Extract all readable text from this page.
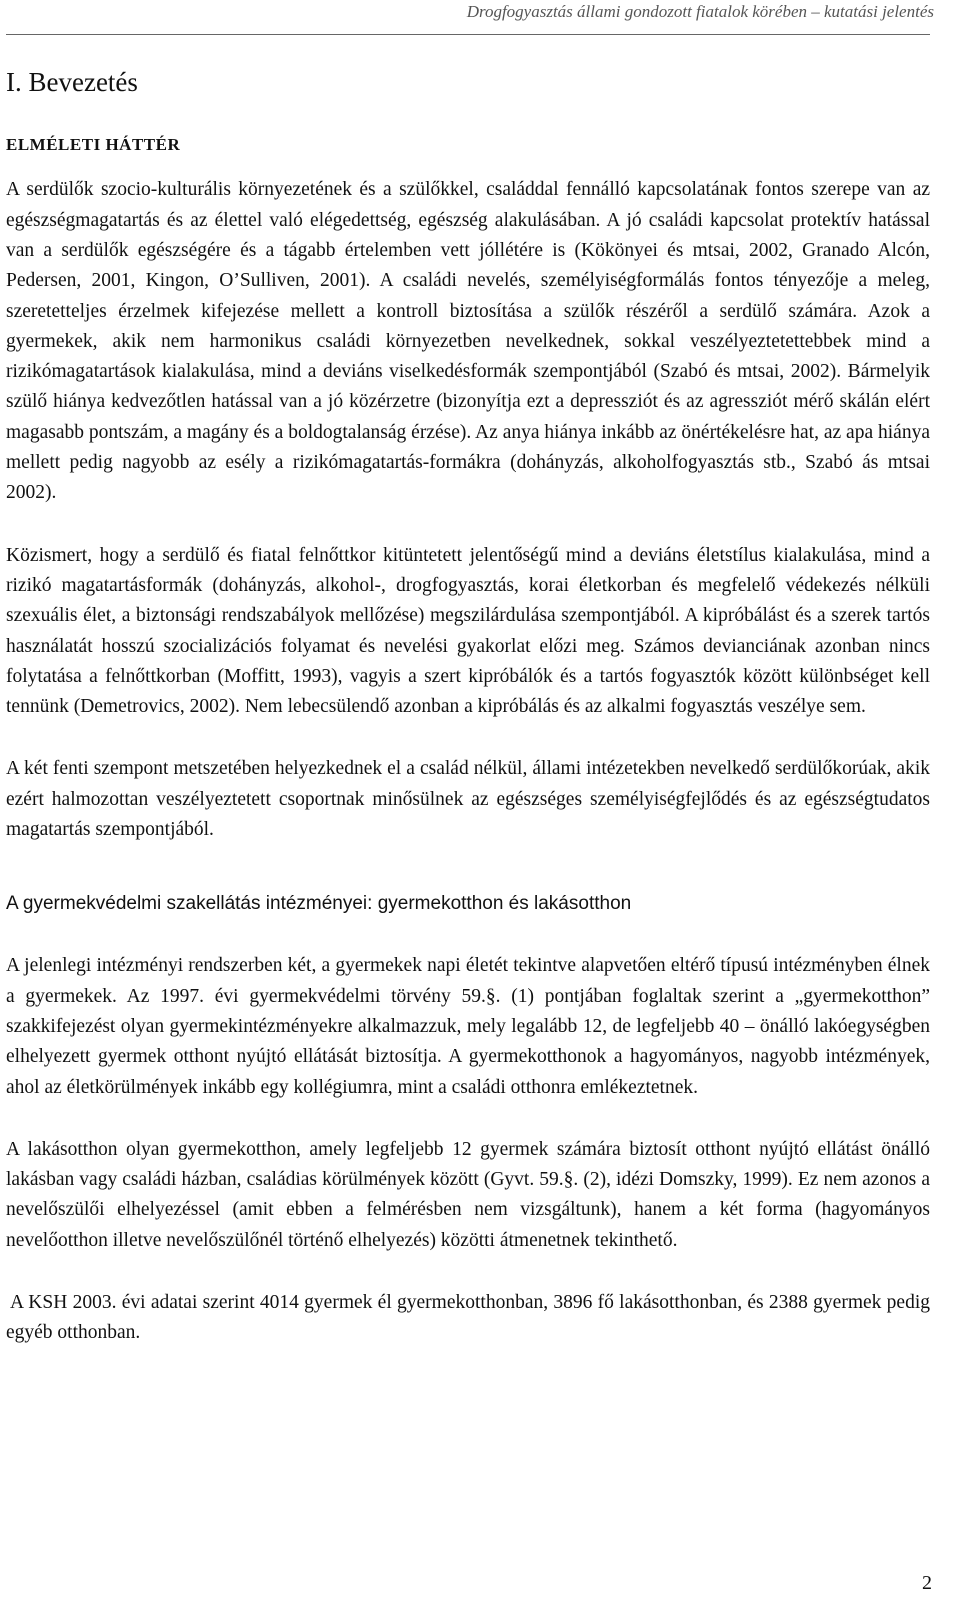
Drogfogyasztás állami gondozott fiatalok körében – kutatási jelentés
I. Bevezetés
ELMÉLETI HÁTTÉR

A serdülők szocio-kulturális környezetének és a szülőkkel, családdal fennálló kapcsolatának fontos szerepe van az egészségmagatartás és az élettel való elégedettség, egészség alakulásában. A jó családi kapcsolat protektív hatással van a serdülők egészségére és a tágabb értelemben vett jóllétére is (Kökönyei és mtsai, 2002, Granado Alcón, Pedersen, 2001, Kingon, O’Sulliven, 2001). A családi nevelés, személyiségformálás fontos tényezője a meleg, szeretetteljes érzelmek kifejezése mellett a kontroll biztosítása a szülők részéről a serdülő számára. Azok a gyermekek, akik nem harmonikus családi környezetben nevelkednek, sokkal veszélyeztetettebbek mind a rizikómagatartások kialakulása, mind a deviáns viselkedésformák szempontjából (Szabó és mtsai, 2002). Bármelyik szülő hiánya kedvezőtlen hatással van a jó közérzetre (bizonyítja ezt a depressziót és az agressziót mérő skálán elért magasabb pontszám, a magány és a boldogtalanság érzése). Az anya hiánya inkább az önértékelésre hat, az apa hiánya mellett pedig nagyobb az esély a rizikómagatartás-formákra (dohányzás, alkoholfogyasztás stb., Szabó ás mtsai 2002).

Közismert, hogy a serdülő és fiatal felnőttkor kitüntetett jelentőségű mind a deviáns életstílus kialakulása, mind a rizikó magatartásformák (dohányzás, alkohol-, drogfogyasztás, korai életkorban és megfelelő védekezés nélküli szexuális élet, a biztonsági rendszabályok mellőzése) megszilárdulása szempontjából. A kipróbálást és a szerek tartós használatát hosszú szocializációs folyamat és nevelési gyakorlat előzi meg. Számos devianciának azonban nincs folytatása a felnőttkorban (Moffitt, 1993), vagyis a szert kipróbálók és a tartós fogyasztók között különbséget kell tennünk (Demetrovics, 2002). Nem lebecsülendő azonban a kipróbálás és az alkalmi fogyasztás veszélye sem.

A két fenti szempont metszetében helyezkednek el a család nélkül, állami intézetekben nevelkedő serdülőkorúak, akik ezért halmozottan veszélyeztetett csoportnak minősülnek az egészséges személyiségfejlődés és az egészségtudatos magatartás szempontjából.

A gyermekvédelmi szakellátás intézményei: gyermekotthon és lakásotthon

A jelenlegi intézményi rendszerben két, a gyermekek napi életét tekintve alapvetően eltérő típusú intézményben élnek a gyermekek. Az 1997. évi gyermekvédelmi törvény 59.§. (1) pontjában foglaltak szerint a „gyermekotthon” szakkifejezést olyan gyermekintézményekre alkalmazzuk, mely legalább 12, de legfeljebb 40 – önálló lakóegységben elhelyezett gyermek otthont nyújtó ellátását biztosítja. A gyermekotthonok a hagyományos, nagyobb intézmények, ahol az életkörülmények inkább egy kollégiumra, mint a családi otthonra emlékeztetnek.

A lakásotthon olyan gyermekotthon, amely legfeljebb 12 gyermek számára biztosít otthont nyújtó ellátást önálló lakásban vagy családi házban, családias körülmények között (Gyvt. 59.§. (2), idézi Domszky, 1999). Ez nem azonos a nevelőszülői elhelyezéssel (amit ebben a felmérésben nem vizsgáltunk), hanem a két forma (hagyományos nevelőotthon illetve nevelőszülőnél történő elhelyezés) közötti átmenetnek tekinthető.

A KSH 2003. évi adatai szerint 4014 gyermek él gyermekotthonban, 3896 fő lakásotthonban, és 2388 gyermek pedig egyéb otthonban.

2
